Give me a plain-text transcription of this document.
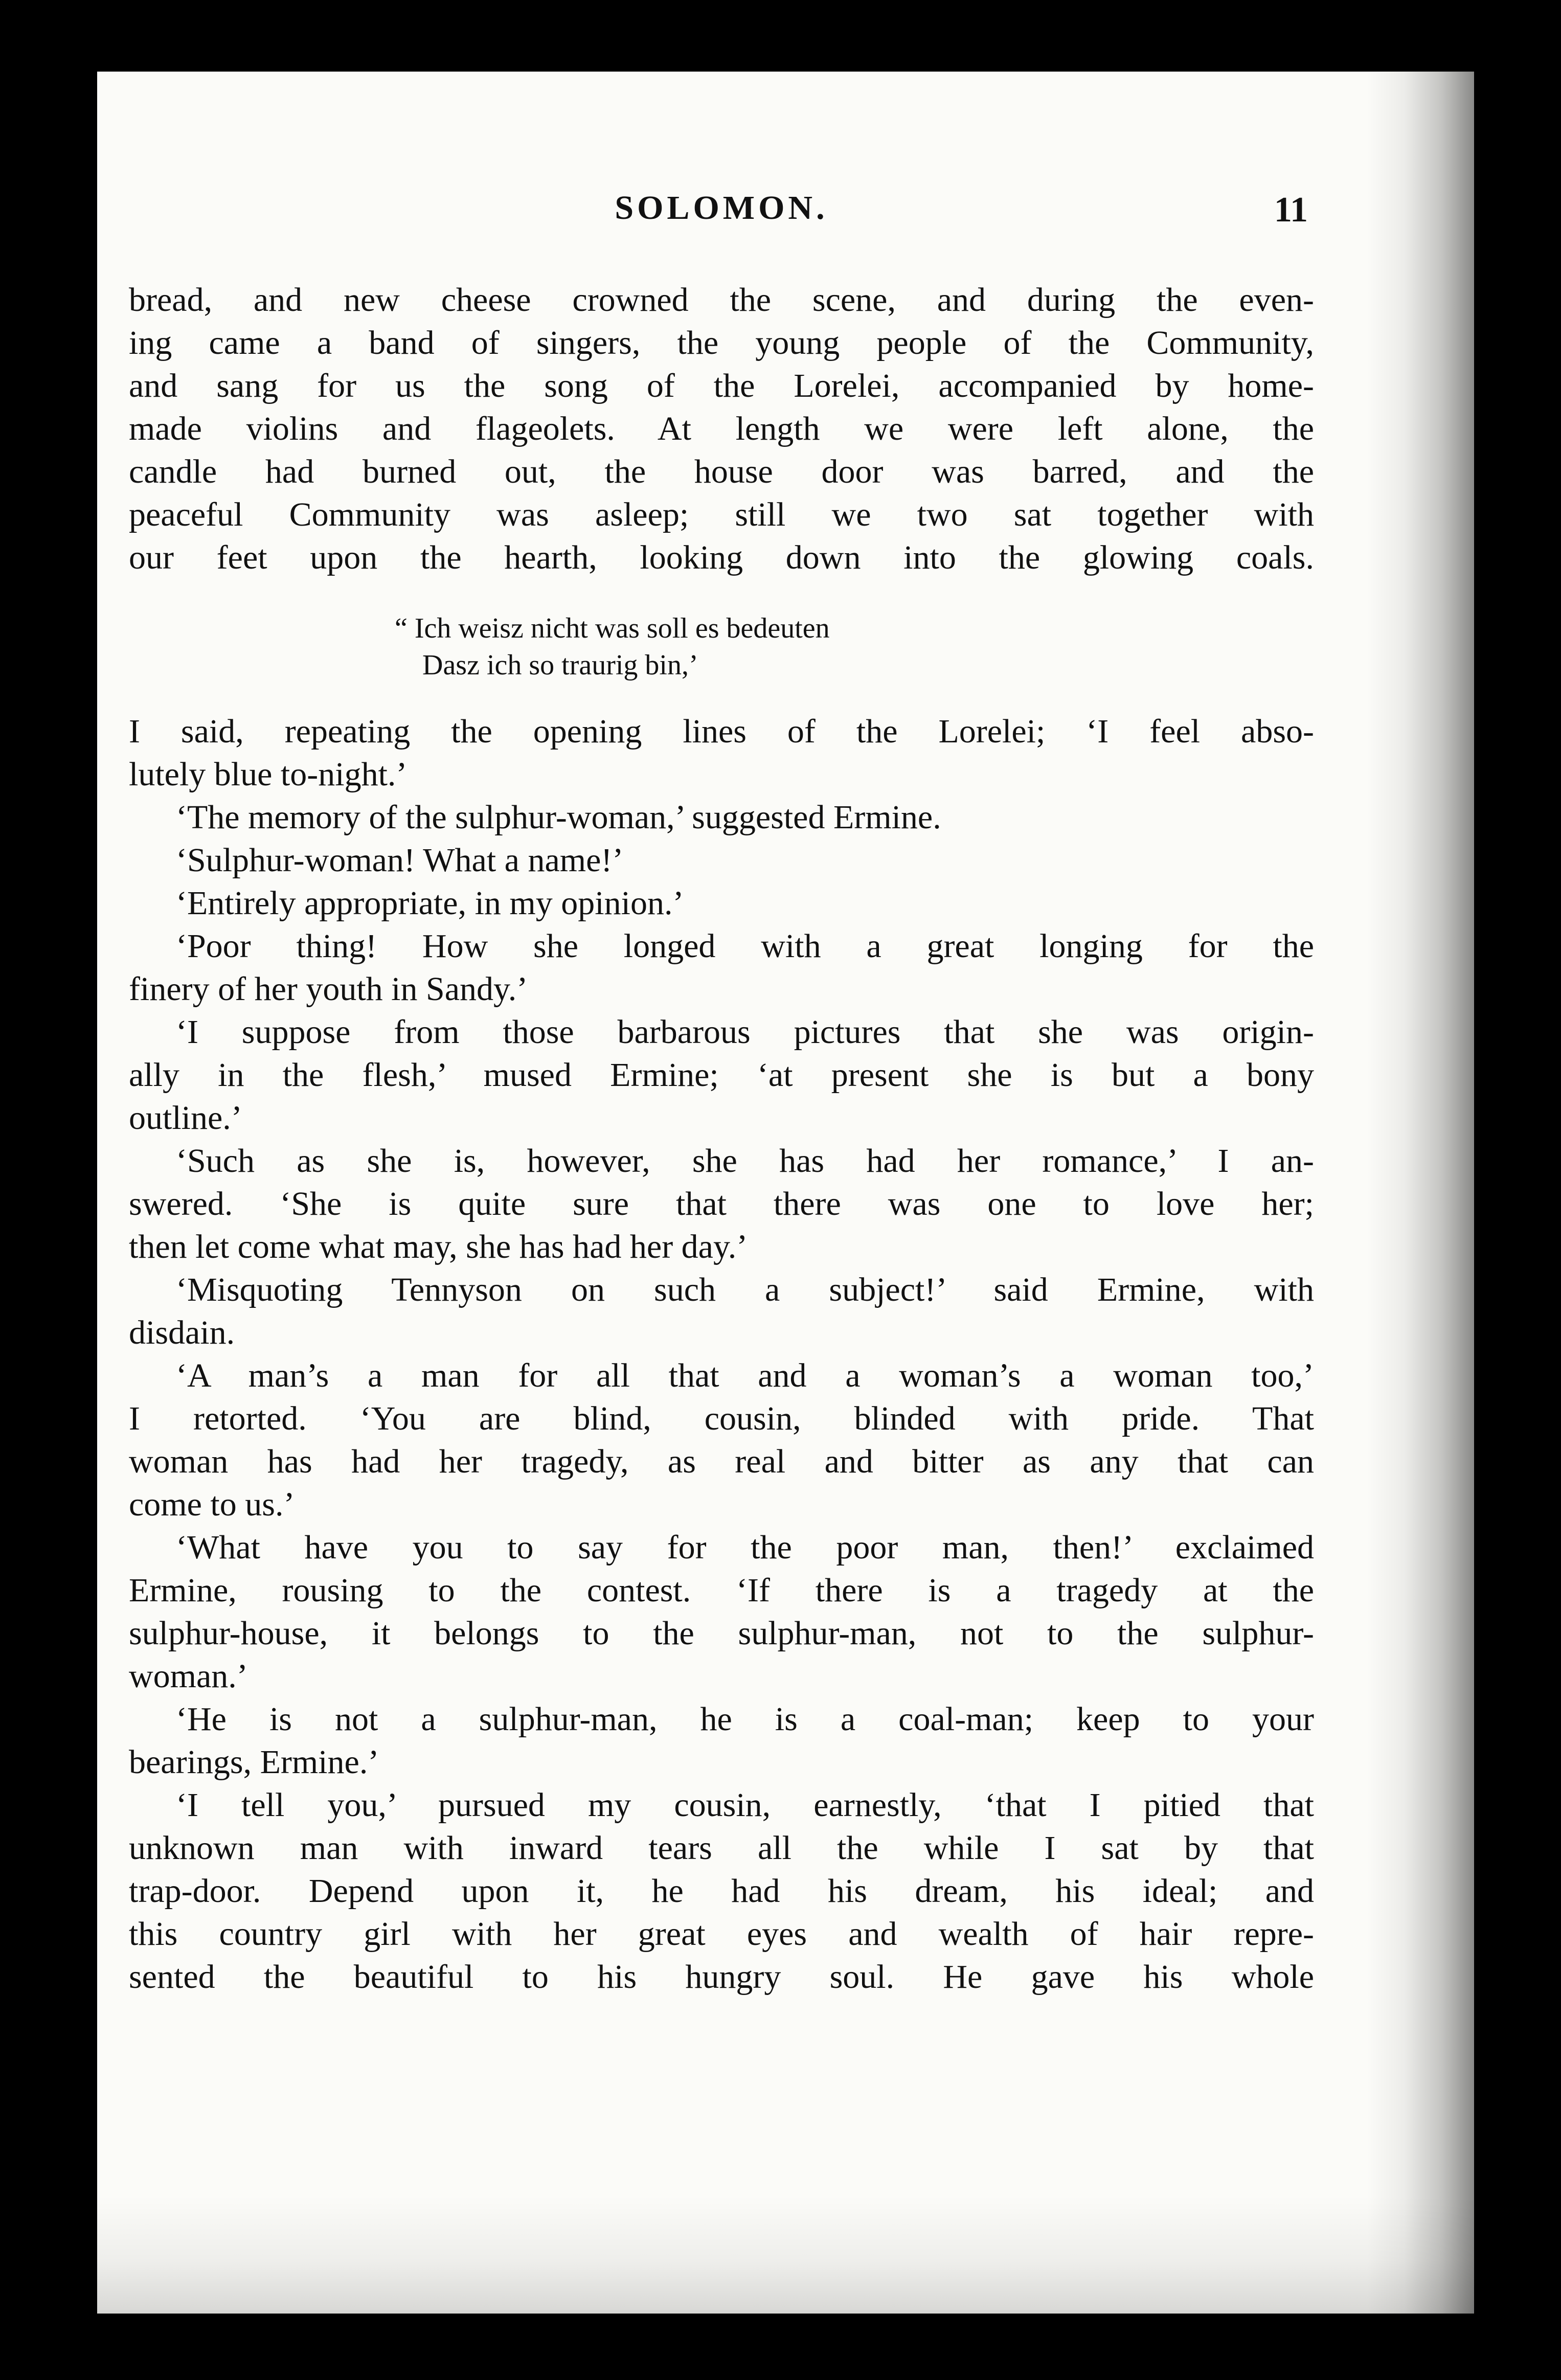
SOLOMON.	11
bread, and new cheese crowned the scene, and during the even-
ing came a band of singers, the young people of the Community,
and sang for us the song of the Lorelei, accompanied by home-
made violins and flageolets. At length we were left alone, the
candle had burned out, the house door was barred, and the
peaceful Community was asleep; still we two sat together with
our feet upon the hearth, looking down into the glowing coals.
“ Ich weisz nicht was soll es bedeuten
Dasz ich so traurig bin,’
I said, repeating the opening lines of the Lorelei; ‘I feel abso-
lutely blue to-night.’
‘The memory of the sulphur-woman,’ suggested Ermine.
‘Sulphur-woman! What a name!’
‘Entirely appropriate, in my opinion.’
‘Poor thing! How she longed with a great longing for the
finery of her youth in Sandy.’
‘I suppose from those barbarous pictures that she was origin-
ally in the flesh,’ mused Ermine; ‘at present she is but a bony
outline.’
‘Such as she is, however, she has had her romance,’ I an-
swered. ‘She is quite sure that there was one to love her;
then let come what may, she has had her day.’
‘Misquoting Tennyson on such a subject!’ said Ermine, with
disdain.
‘A man’s a man for all that and a woman’s a woman too,’
I retorted. ‘You are blind, cousin, blinded with pride. That
woman has had her tragedy, as real and bitter as any that can
come to us.’
‘What have you to say for the poor man, then!’ exclaimed
Ermine, rousing to the contest. ‘If there is a tragedy at the
sulphur-house, it belongs to the sulphur-man, not to the sulphur-
woman.’
‘He is not a sulphur-man, he is a coal-man; keep to your
bearings, Ermine.’
‘I tell you,’ pursued my cousin, earnestly, ‘that I pitied that
unknown man with inward tears all the while I sat by that
trap-door. Depend upon it, he had his dream, his ideal; and
this country girl with her great eyes and wealth of hair repre-
sented the beautiful to his hungry soul. He gave his whole
